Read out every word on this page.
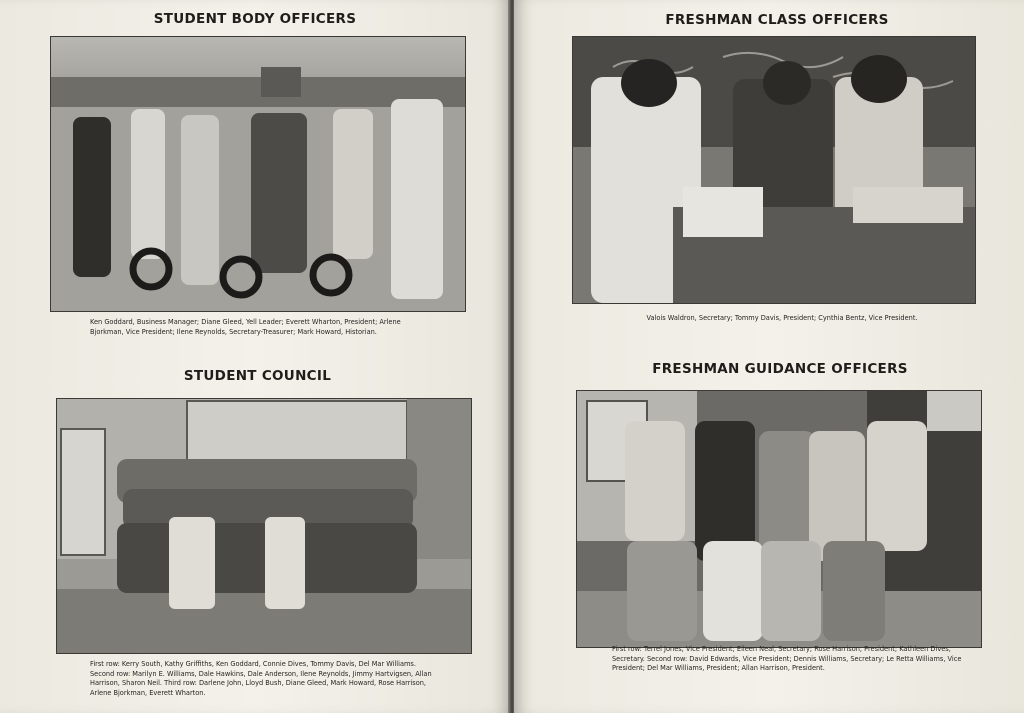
STUDENT BODY OFFICERS

Ken Goddard, Business Manager; Diane Gleed, Yell Leader; Everett Wharton, President; Arlene Bjorkman, Vice President; Ilene Reynolds, Secretary-Treasurer; Mark Howard, Historian.

STUDENT COUNCIL

First row: Kerry South, Kathy Griffiths, Ken Goddard, Connie Dives, Tommy Davis, Del Mar Williams. Second row: Marilyn E. Williams, Dale Hawkins, Dale Anderson, Ilene Reynolds, Jimmy Hartvigsen, Allan Harrison, Sharon Neil. Third row: Darlene John, Lloyd Bush, Diane Gleed, Mark Howard, Rose Harrison, Arlene Bjorkman, Everett Wharton.

FRESHMAN CLASS OFFICERS

Valois Waldron, Secretary; Tommy Davis, President; Cynthia Bentz, Vice President.

FRESHMAN GUIDANCE OFFICERS

First row: Terrel Jones, Vice President; Eileen Neal, Secretary; Rose Harrison, President; Kathleen Dives, Secretary. Second row: David Edwards, Vice President; Dennis Williams, Secretary; Le Retta Williams, Vice President; Del Mar Williams, President; Allan Harrison, President.
